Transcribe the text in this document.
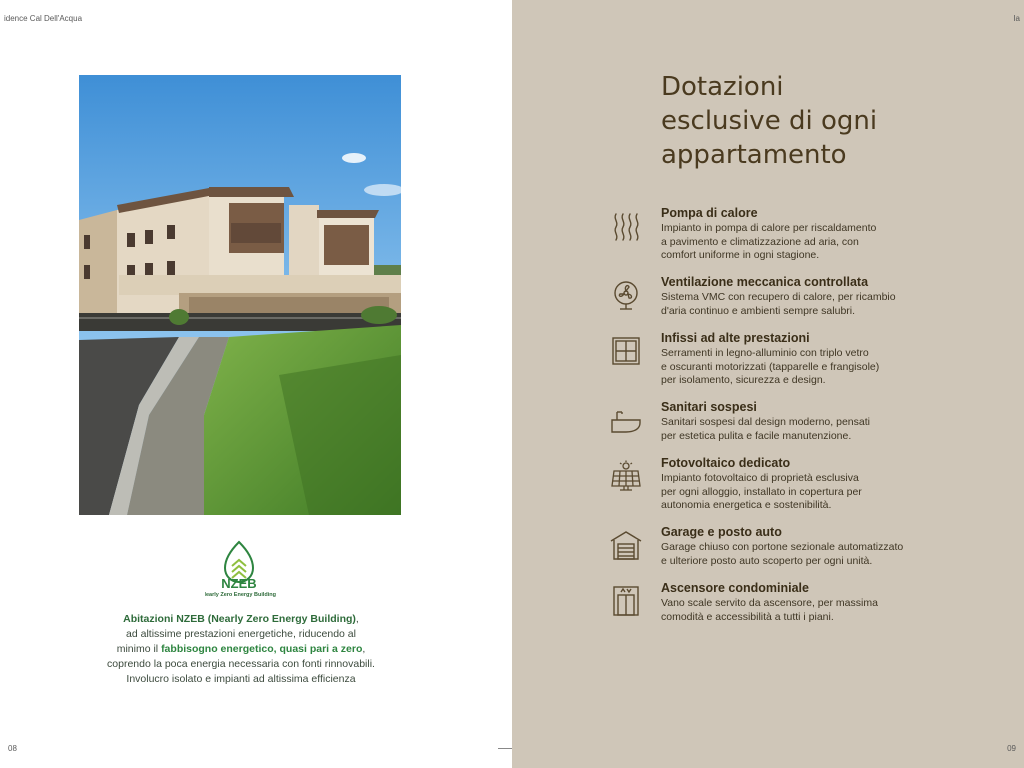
idence Cal Dell'Acqua
NZEB
Nearly Zero Energy Building
Abitazioni NZEB (Nearly Zero Energy Building),
ad altissime prestazioni energetiche, riducendo al
minimo il fabbisogno energetico, quasi pari a zero,
coprendo la poca energia necessaria con fonti rinnovabili.
Involucro isolato e impianti ad altissima efficienza
08
Ia
09
Dotazioni
esclusive di ogni
appartamento
Pompa di calore
Impianto in pompa di calore per riscaldamento
a pavimento e climatizzazione ad aria, con
comfort uniforme in ogni stagione.
Ventilazione meccanica controllata
Sistema VMC con recupero di calore, per ricambio
d'aria continuo e ambienti sempre salubri.
Infissi ad alte prestazioni
Serramenti in legno-alluminio con triplo vetro
e oscuranti motorizzati (tapparelle e frangisole)
per isolamento, sicurezza e design.
Sanitari sospesi
Sanitari sospesi dal design moderno, pensati
per estetica pulita e facile manutenzione.
Fotovoltaico dedicato
Impianto fotovoltaico di proprietà esclusiva
per ogni alloggio, installato in copertura per
autonomia energetica e sostenibilità.
Garage e posto auto
Garage chiuso con portone sezionale automatizzato
e ulteriore posto auto scoperto per ogni unità.
Ascensore condominiale
Vano scale servito da ascensore, per massima
comodità e accessibilità a tutti i piani.
